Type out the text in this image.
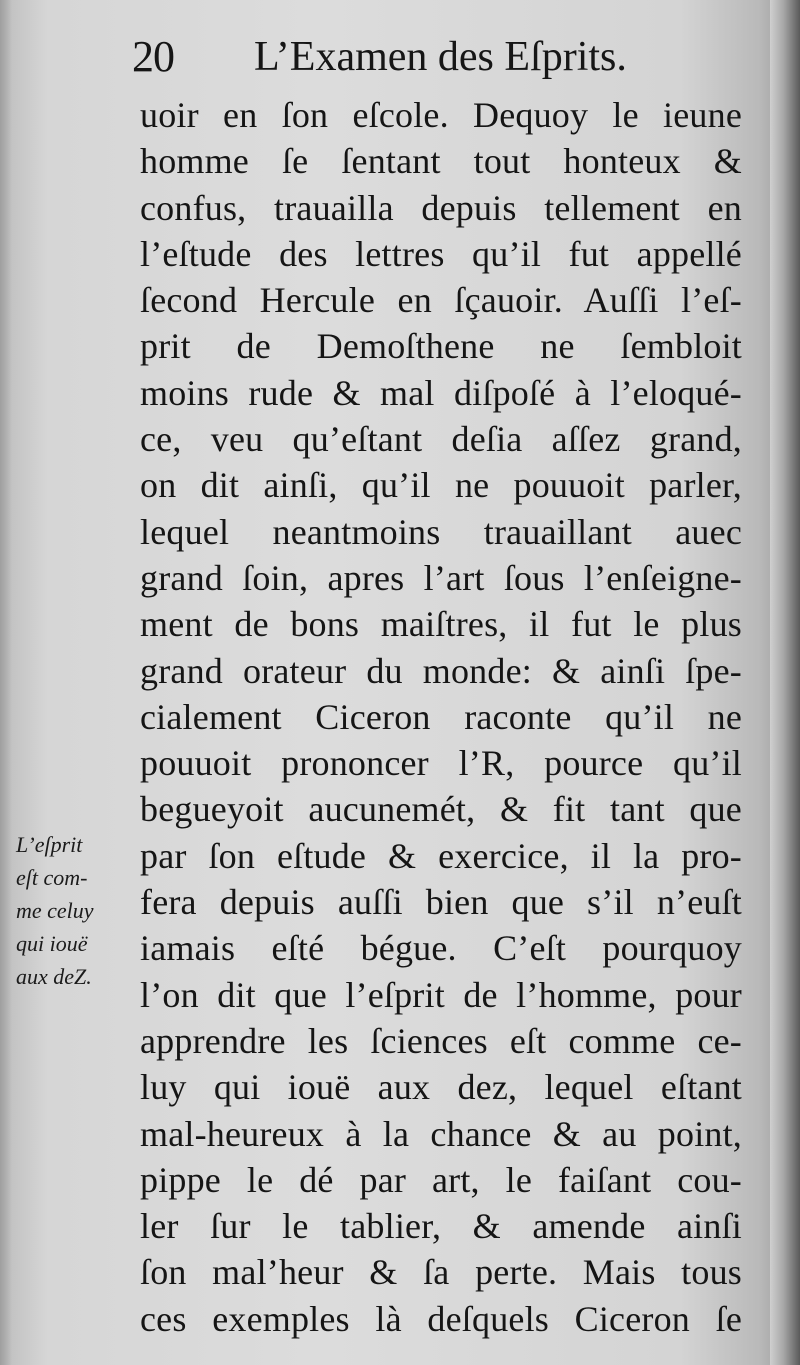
20 L’Examen des Eſprits.
uoir en ſon eſcole. Dequoy le ieune
homme ſe ſentant tout honteux &
confus, trauailla depuis tellement en
l’eſtude des lettres qu’il fut appellé
ſecond Hercule en ſçauoir. Auſſi l’eſ-
prit de Demoſthene ne ſembloit
moins rude & mal diſpoſé à l’eloqué-
ce, veu qu’eſtant deſia aſſez grand,
on dit ainſi, qu’il ne pouuoit parler,
lequel neantmoins trauaillant auec
grand ſoin, apres l’art ſous l’enſeigne-
ment de bons maiſtres, il fut le plus
grand orateur du monde: & ainſi ſpe-
cialement Ciceron raconte qu’il ne
pouuoit prononcer l’R, pource qu’il
begueyoit aucunemét, & fit tant que
par ſon eſtude & exercice, il la pro-
fera depuis auſſi bien que s’il n’euſt
iamais eſté bégue. C’eſt pourquoy
l’on dit que l’eſprit de l’homme, pour
apprendre les ſciences eſt comme ce-
luy qui iouë aux dez, lequel eſtant
mal-heureux à la chance & au point,
pippe le dé par art, le faiſant cou-
ler ſur le tablier, & amende ainſi
ſon mal’heur & ſa perte. Mais tous
ces exemples là deſquels Ciceron ſe
L’eſprit
eſt com-
me celuy
qui iouë
aux deZ.
